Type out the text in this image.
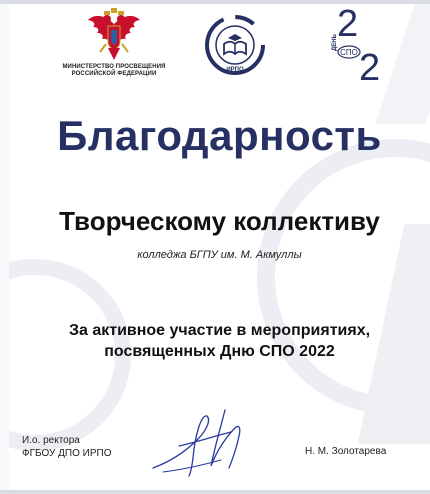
МИНИСТЕРСТВО ПРОСВЕЩЕНИЯ
РОССИЙСКОЙ ФЕДЕРАЦИИ
ИРПО
2
2
ДЕНЬ
СПО
Благодарность
Творческому коллективу
колледжа БГПУ им. М. Акмуллы
За активное участие в мероприятиях,
посвященных Дню СПО 2022
И.о. ректора
ФГБОУ ДПО ИРПО	Н. М. Золотарева
